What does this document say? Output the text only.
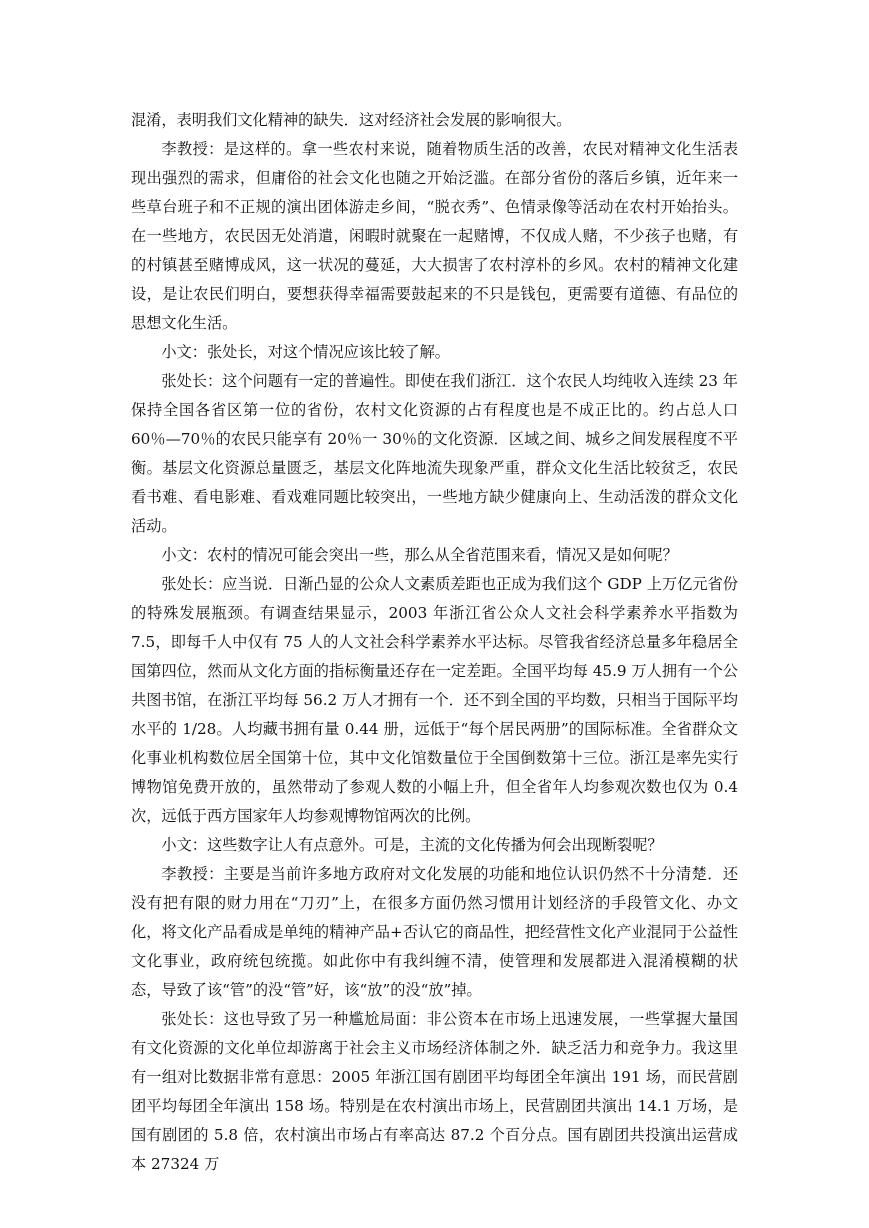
混淆，表明我们文化精神的缺失．这对经济社会发展的影响很大。

李教授：是这样的。拿一些农村来说，随着物质生活的改善，农民对精神文化生活表现出强烈的需求，但庸俗的社会文化也随之开始泛滥。在部分省份的落后乡镇，近年来一些草台班子和不正规的演出团体游走乡间，“脱衣秀”、色情录像等活动在农村开始抬头。在一些地方，农民因无处消遣，闲暇时就聚在一起赌博，不仅成人赌，不少孩子也赌，有的村镇甚至赌博成风，这一状况的蔓延，大大损害了农村淳朴的乡风。农村的精神文化建设，是让农民们明白，要想获得幸福需要鼓起来的不只是钱包，更需要有道德、有品位的思想文化生活。

小文：张处长，对这个情况应该比较了解。

张处长：这个问题有一定的普遍性。即使在我们浙江．这个农民人均纯收入连续 23 年保持全国各省区第一位的省份，农村文化资源的占有程度也是不成正比的。约占总人口 60％—70％的农民只能享有 20％一 30％的文化资源．区域之间、城乡之间发展程度不平衡。基层文化资源总量匮乏，基层文化阵地流失现象严重，群众文化生活比较贫乏，农民看书难、看电影难、看戏难同题比较突出，一些地方缺少健康向上、生动活泼的群众文化活动。

小文：农村的情况可能会突出一些，那么从全省范围来看，情况又是如何呢？

张处长：应当说．日渐凸显的公众人文素质差距也正成为我们这个 GDP 上万亿元省份的特殊发展瓶颈。有调查结果显示，2003 年浙江省公众人文社会科学素养水平指数为 7.5，即每千人中仅有 75 人的人文社会科学素养水平达标。尽管我省经济总量多年稳居全国第四位，然而从文化方面的指标衡量还存在一定差距。全国平均每 45.9 万人拥有一个公共图书馆，在浙江平均每 56.2 万人才拥有一个．还不到全国的平均数，只相当于国际平均水平的 1/28。人均藏书拥有量 0.44 册，远低于“每个居民两册”的国际标准。全省群众文化事业机构数位居全国第十位，其中文化馆数量位于全国倒数第十三位。浙江是率先实行博物馆免费开放的，虽然带动了参观人数的小幅上升，但全省年人均参观次数也仅为 0.4 次，远低于西方国家年人均参观博物馆两次的比例。

小文：这些数字让人有点意外。可是，主流的文化传播为何会出现断裂呢？

李教授：主要是当前许多地方政府对文化发展的功能和地位认识仍然不十分清楚．还没有把有限的财力用在“刀刃”上，在很多方面仍然习惯用计划经济的手段管文化、办文化，将文化产品看成是单纯的精神产品+否认它的商品性，把经营性文化产业混同于公益性文化事业，政府统包统揽。如此你中有我纠缠不清，使管理和发展都进入混淆模糊的状态，导致了该“管”的没“管”好，该“放”的没“放”掉。

张处长：这也导致了另一种尴尬局面：非公资本在市场上迅速发展，一些掌握大量国有文化资源的文化单位却游离于社会主义市场经济体制之外．缺乏活力和竞争力。我这里有一组对比数据非常有意思：2005 年浙江国有剧团平均每团全年演出 191 场，而民营剧团平均每团全年演出 158 场。特别是在农村演出市场上，民营剧团共演出 14.1 万场，是国有剧团的 5.8 倍，农村演出市场占有率高达 87.2 个百分点。国有剧团共投演出运营成本 27324 万
